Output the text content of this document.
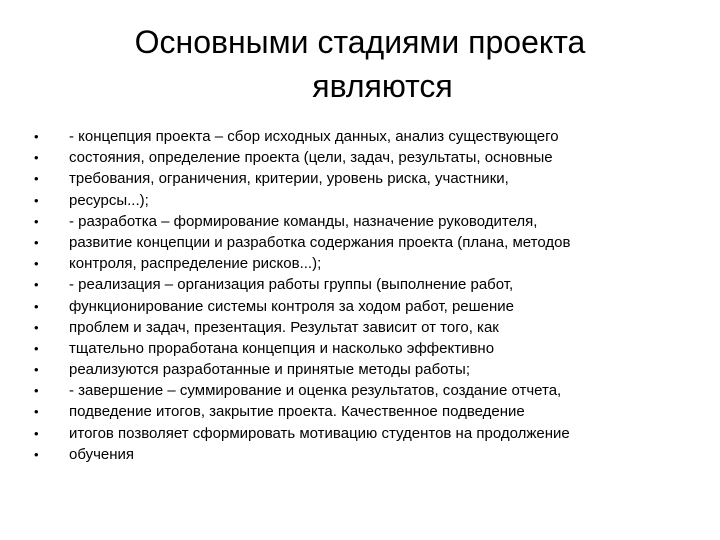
Основными стадиями проекта
являются
•	- концепция проекта – сбор исходных данных, анализ существующего
•	состояния, определение проекта (цели, задач, результаты, основные
•	требования, ограничения, критерии, уровень риска, участники,
•	ресурсы...);
•	- разработка – формирование команды, назначение руководителя,
•	развитие концепции и разработка содержания проекта (плана, методов
•	контроля, распределение рисков...);
•	- реализация – организация работы группы (выполнение работ,
•	функционирование системы контроля за ходом работ, решение
•	проблем и задач, презентация. Результат зависит от того, как
•	тщательно проработана концепция и насколько эффективно
•	реализуются разработанные и принятые методы работы;
•	- завершение – суммирование и оценка результатов, создание отчета,
•	подведение итогов, закрытие проекта. Качественное подведение
•	итогов позволяет сформировать мотивацию студентов на продолжение
•	обучения
